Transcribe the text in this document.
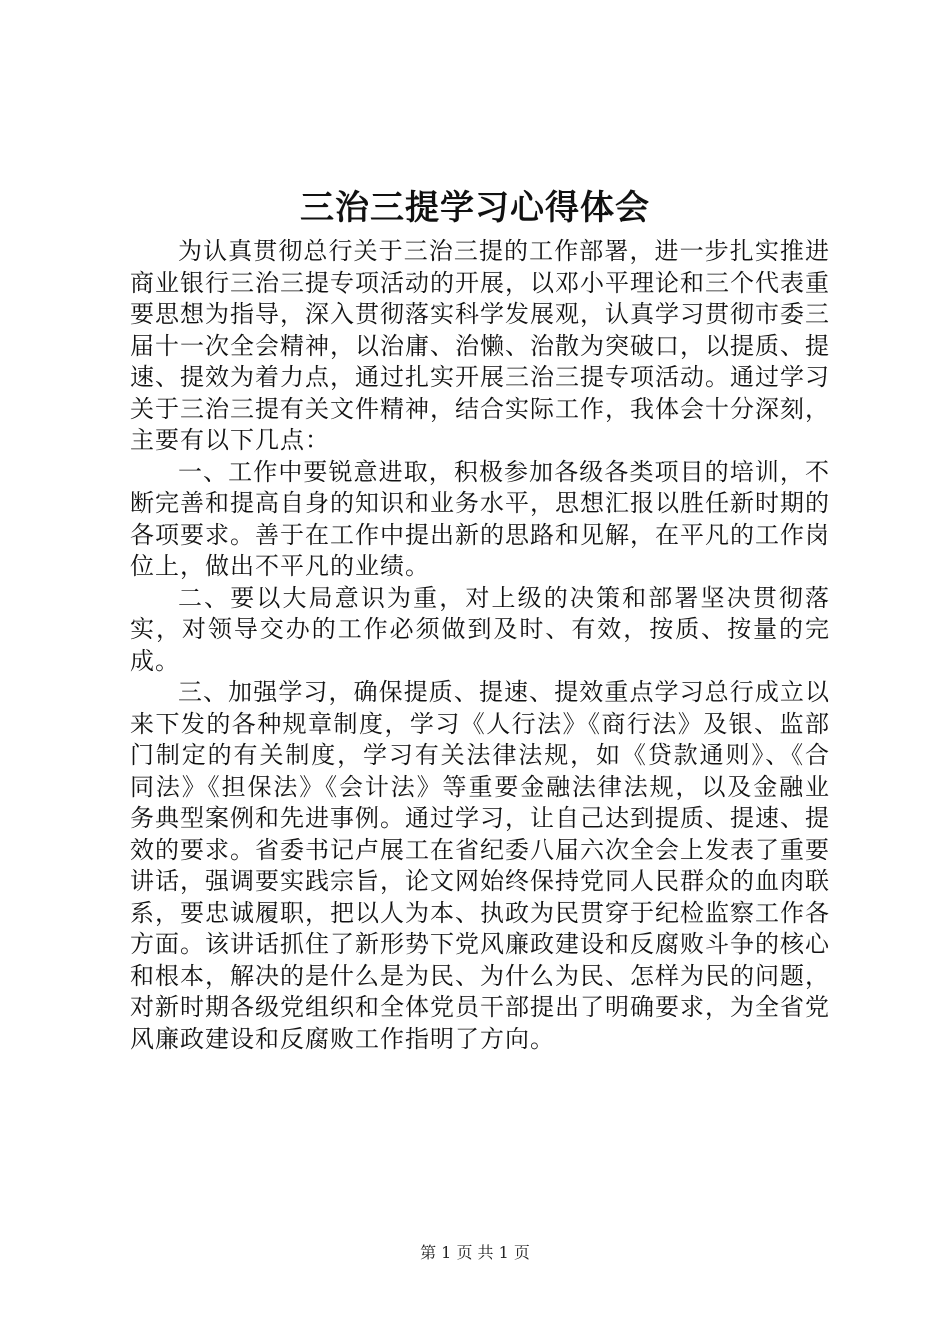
三治三提学习心得体会

为认真贯彻总行关于三治三提的工作部署，进一步扎实推进商业银行三治三提专项活动的开展，以邓小平理论和三个代表重要思想为指导，深入贯彻落实科学发展观，认真学习贯彻市委三届十一次全会精神，以治庸、治懒、治散为突破口，以提质、提速、提效为着力点，通过扎实开展三治三提专项活动。通过学习关于三治三提有关文件精神，结合实际工作，我体会十分深刻，主要有以下几点：

一、工作中要锐意进取，积极参加各级各类项目的培训，不断完善和提高自身的知识和业务水平，思想汇报以胜任新时期的各项要求。善于在工作中提出新的思路和见解，在平凡的工作岗位上，做出不平凡的业绩。

二、要以大局意识为重，对上级的决策和部署坚决贯彻落实，对领导交办的工作必须做到及时、有效，按质、按量的完成。

三、加强学习，确保提质、提速、提效重点学习总行成立以来下发的各种规章制度，学习《人行法》《商行法》及银、监部门制定的有关制度，学习有关法律法规，如《贷款通则》、《合同法》《担保法》《会计法》等重要金融法律法规，以及金融业务典型案例和先进事例。通过学习，让自己达到提质、提速、提效的要求。省委书记卢展工在省纪委八届六次全会上发表了重要讲话，强调要实践宗旨，论文网始终保持党同人民群众的血肉联系，要忠诚履职，把以人为本、执政为民贯穿于纪检监察工作各方面。该讲话抓住了新形势下党风廉政建设和反腐败斗争的核心和根本，解决的是什么是为民、为什么为民、怎样为民的问题，对新时期各级党组织和全体党员干部提出了明确要求，为全省党风廉政建设和反腐败工作指明了方向。

第 1 页 共 1 页
